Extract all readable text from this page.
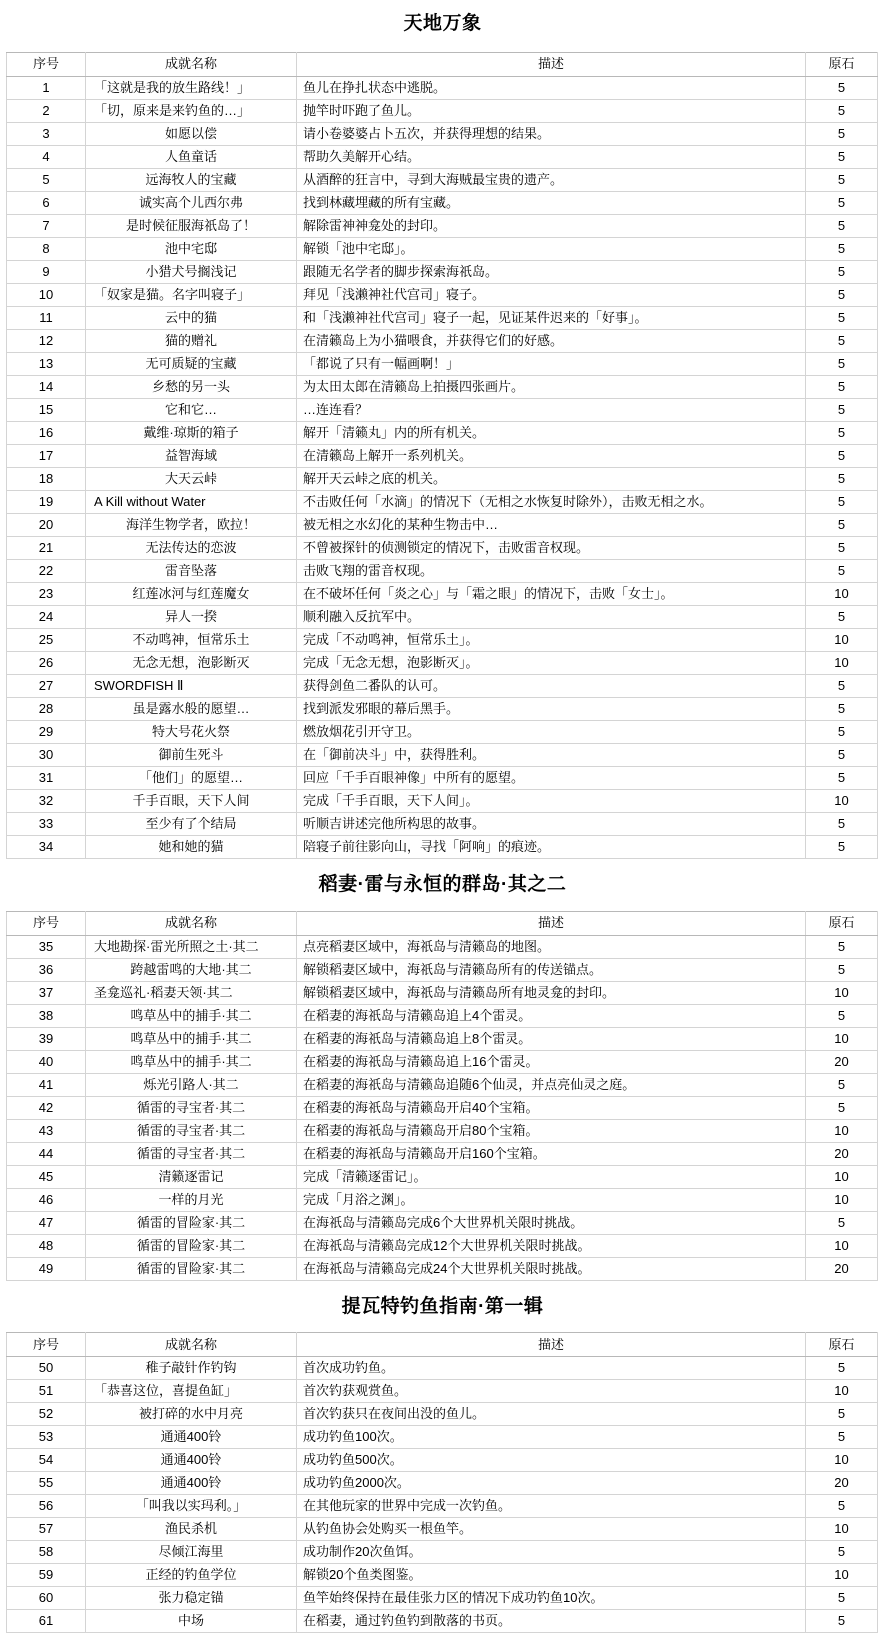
天地万象
序号	成就名称	描述	原石
1	「这就是我的放生路线！」	鱼儿在挣扎状态中逃脱。	5
2	「切，原来是来钓鱼的…」	抛竿时吓跑了鱼儿。	5
3	如愿以偿	请小卷婆婆占卜五次，并获得理想的结果。	5
4	人鱼童话	帮助久美解开心结。	5
5	远海牧人的宝藏	从酒醉的狂言中，寻到大海贼最宝贵的遗产。	5
6	诚实高个儿西尔弗	找到林藏埋藏的所有宝藏。	5
7	是时候征服海祇岛了！	解除雷神神龛处的封印。	5
8	池中宅邸	解锁「池中宅邸」。	5
9	小猎犬号搁浅记	跟随无名学者的脚步探索海祇岛。	5
10	「奴家是猫。名字叫寝子」	拜见「浅濑神社代宫司」寝子。	5
11	云中的猫	和「浅濑神社代宫司」寝子一起，见证某件迟来的「好事」。	5
12	猫的赠礼	在清籁岛上为小猫喂食，并获得它们的好感。	5
13	无可质疑的宝藏	「都说了只有一幅画啊！」	5
14	乡愁的另一头	为太田太郎在清籁岛上拍摄四张画片。	5
15	它和它…	…连连看？	5
16	戴维·琼斯的箱子	解开「清籁丸」内的所有机关。	5
17	益智海域	在清籁岛上解开一系列机关。	5
18	大天云峠	解开天云峠之底的机关。	5
19	A Kill without Water	不击败任何「水滴」的情况下（无相之水恢复时除外），击败无相之水。	5
20	海洋生物学者，欧拉！	被无相之水幻化的某种生物击中…	5
21	无法传达的恋波	不曾被探针的侦测锁定的情况下，击败雷音权现。	5
22	雷音坠落	击败飞翔的雷音权现。	5
23	红莲冰河与红莲魔女	在不破坏任何「炎之心」与「霜之眼」的情况下，击败「女士」。	10
24	异人一揆	顺利融入反抗军中。	5
25	不动鸣神，恒常乐土	完成「不动鸣神，恒常乐土」。	10
26	无念无想，泡影断灭	完成「无念无想，泡影断灭」。	10
27	SWORDFISH Ⅱ	获得剑鱼二番队的认可。	5
28	虽是露水般的愿望…	找到派发邪眼的幕后黑手。	5
29	特大号花火祭	燃放烟花引开守卫。	5
30	御前生死斗	在「御前决斗」中，获得胜利。	5
31	「他们」的愿望…	回应「千手百眼神像」中所有的愿望。	5
32	千手百眼，天下人间	完成「千手百眼，天下人间」。	10
33	至少有了个结局	听顺吉讲述完他所构思的故事。	5
34	她和她的猫	陪寝子前往影向山，寻找「阿响」的痕迹。	5
稻妻·雷与永恒的群岛·其之二
序号	成就名称	描述	原石
35	大地勘探·雷光所照之土·其二	点亮稻妻区域中，海祇岛与清籁岛的地图。	5
36	跨越雷鸣的大地·其二	解锁稻妻区域中，海祇岛与清籁岛所有的传送锚点。	5
37	圣龛巡礼·稻妻天领·其二	解锁稻妻区域中，海祇岛与清籁岛所有地灵龛的封印。	10
38	鸣草丛中的捕手·其二	在稻妻的海祇岛与清籁岛追上4个雷灵。	5
39	鸣草丛中的捕手·其二	在稻妻的海祇岛与清籁岛追上8个雷灵。	10
40	鸣草丛中的捕手·其二	在稻妻的海祇岛与清籁岛追上16个雷灵。	20
41	烁光引路人·其二	在稻妻的海祇岛与清籁岛追随6个仙灵，并点亮仙灵之庭。	5
42	循雷的寻宝者·其二	在稻妻的海祇岛与清籁岛开启40个宝箱。	5
43	循雷的寻宝者·其二	在稻妻的海祇岛与清籁岛开启80个宝箱。	10
44	循雷的寻宝者·其二	在稻妻的海祇岛与清籁岛开启160个宝箱。	20
45	清籁逐雷记	完成「清籁逐雷记」。	10
46	一样的月光	完成「月浴之渊」。	10
47	循雷的冒险家·其二	在海祇岛与清籁岛完成6个大世界机关限时挑战。	5
48	循雷的冒险家·其二	在海祇岛与清籁岛完成12个大世界机关限时挑战。	10
49	循雷的冒险家·其二	在海祇岛与清籁岛完成24个大世界机关限时挑战。	20
提瓦特钓鱼指南·第一辑
序号	成就名称	描述	原石
50	稚子敲针作钓钩	首次成功钓鱼。	5
51	「恭喜这位，喜提鱼缸」	首次钓获观赏鱼。	10
52	被打碎的水中月亮	首次钓获只在夜间出没的鱼儿。	5
53	通通400铃	成功钓鱼100次。	5
54	通通400铃	成功钓鱼500次。	10
55	通通400铃	成功钓鱼2000次。	20
56	「叫我以实玛利。」	在其他玩家的世界中完成一次钓鱼。	5
57	渔民杀机	从钓鱼协会处购买一根鱼竿。	10
58	尽倾江海里	成功制作20次鱼饵。	5
59	正经的钓鱼学位	解锁20个鱼类图鉴。	10
60	张力稳定锚	鱼竿始终保持在最佳张力区的情况下成功钓鱼10次。	5
61	中场	在稻妻，通过钓鱼钓到散落的书页。	5
